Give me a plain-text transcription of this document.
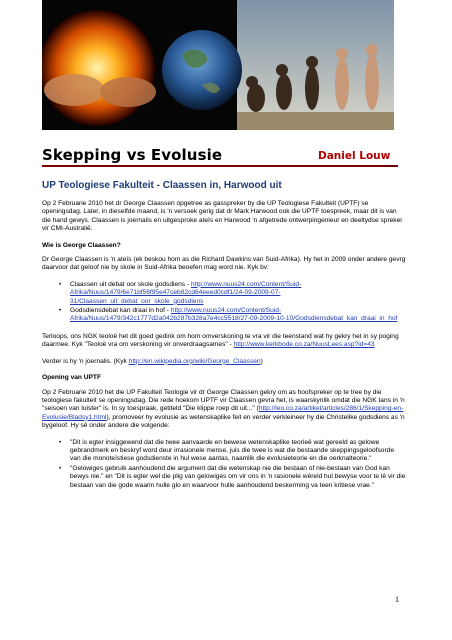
Skepping vs Evolusie	Daniel Louw
UP Teologiese Fakulteit - Claassen in, Harwood uit

Op 2 Februarie 2010 het dr George Claassen opgetree as gasspreker by die UP Teologiese Fakulteit (UPTF) se openingsdag. Later, in dieselfde maand, is 'n versoek gerig dat dr Mark Harwood ook die UPTF toespreek, maar dit is van die hand gewys. Claassen is joernalis en uitgesproke ateïs en Harwood 'n afgetrede ontwerpingenieur en deeltydse spreker vir CMI-Australië.

Wie is George Claassen?

Dr George Claassen is 'n ateïs (ek beskou hom as die Richard Dawkins van Suid-Afrika). Hy het in 2009 onder andere gevrg daarvoor dat geloof nie by skole in Suid-Afrika beoefen mag word nie. Kyk bv:

• Claassen uit debat oor skole godsdiens - http://www.nuus24.com/Content/Suid-Afrika/Nuus/1479/6e71bf56f95e47ceb82cd64eeed0cdf1/24-09-2009-07-31/Claassen_uit_debat_oor_skole_godsdiens
• Godsdiensdebat kan draai in hof - http://www.nuus24.com/Content/Suid-Afrika/Nuus/1479/342c1777d2a042b287b328a7e4cc5518/27-09-2009-10-10/Godsdiensdebat_kan_draai_in_hof

Terloops, ons NGK teoloë het dit goed gedink om hom omverskoning te vra vir die teenstand wat hy gekry het in sy poging daarmee. Kyk "Teoloë vra om verskoning vir onverdraagsames" - http://www.kerkbode.co.za/NuusLees.asp?id=43

Verder is hy 'n joernalis. (Kyk http://en.wikipedia.org/wiki/George_Claassen)

Opening van UPTF

Op 2 Februarie 2010 het die UP Fakulteit Teologie vir dr George Claassen gekry om as hoofspreker op te tree by die teologiese fakulteit se openingsdag. Die rede hoekom UPTF vir Claassen gevra het, is waarskynlik omdat die NGK tans in 'n "seisoen van luister" is. In sy toespraak, getiteld "Die klippe roep dit uit..." (http://leo.co.za/artikel/articles/286/1/Skepping-en-Evolusie/Bladsy1.html), promoveer hy evolusie as wetenskaplike feit en verder verkleineer hy die Christelike godsdiens as 'n bygeloof. Hy sê onder andere die volgende:

• "Dit is egter insiggewend dat die twee aanvaarde en bewese wetenskaplike teorieë wat gereeld as gelowe gebrandmerk en beskryf word deur irrasionele mense, juis die twee is wat die bestaande skeppingsgeloofsorde van die monoteïstiese godsdienste in hul wese aantas, naamlik die evolusieteorie en die oerknalteorie."
• "Gelowiges gebruik aanhoudend die argument dat die wetenskap nie die bestaan of nie-bestaan van God kan bewys nie." en "Dit is egter wel die plig van gelowiges om vir ons in 'n rasionele wêreld hul bewyse voor te lê vir die bestaan van die gode waarin hulle glo en waarvoor hulle aanhoudend beskerming va teen kritiese vrae."
1
